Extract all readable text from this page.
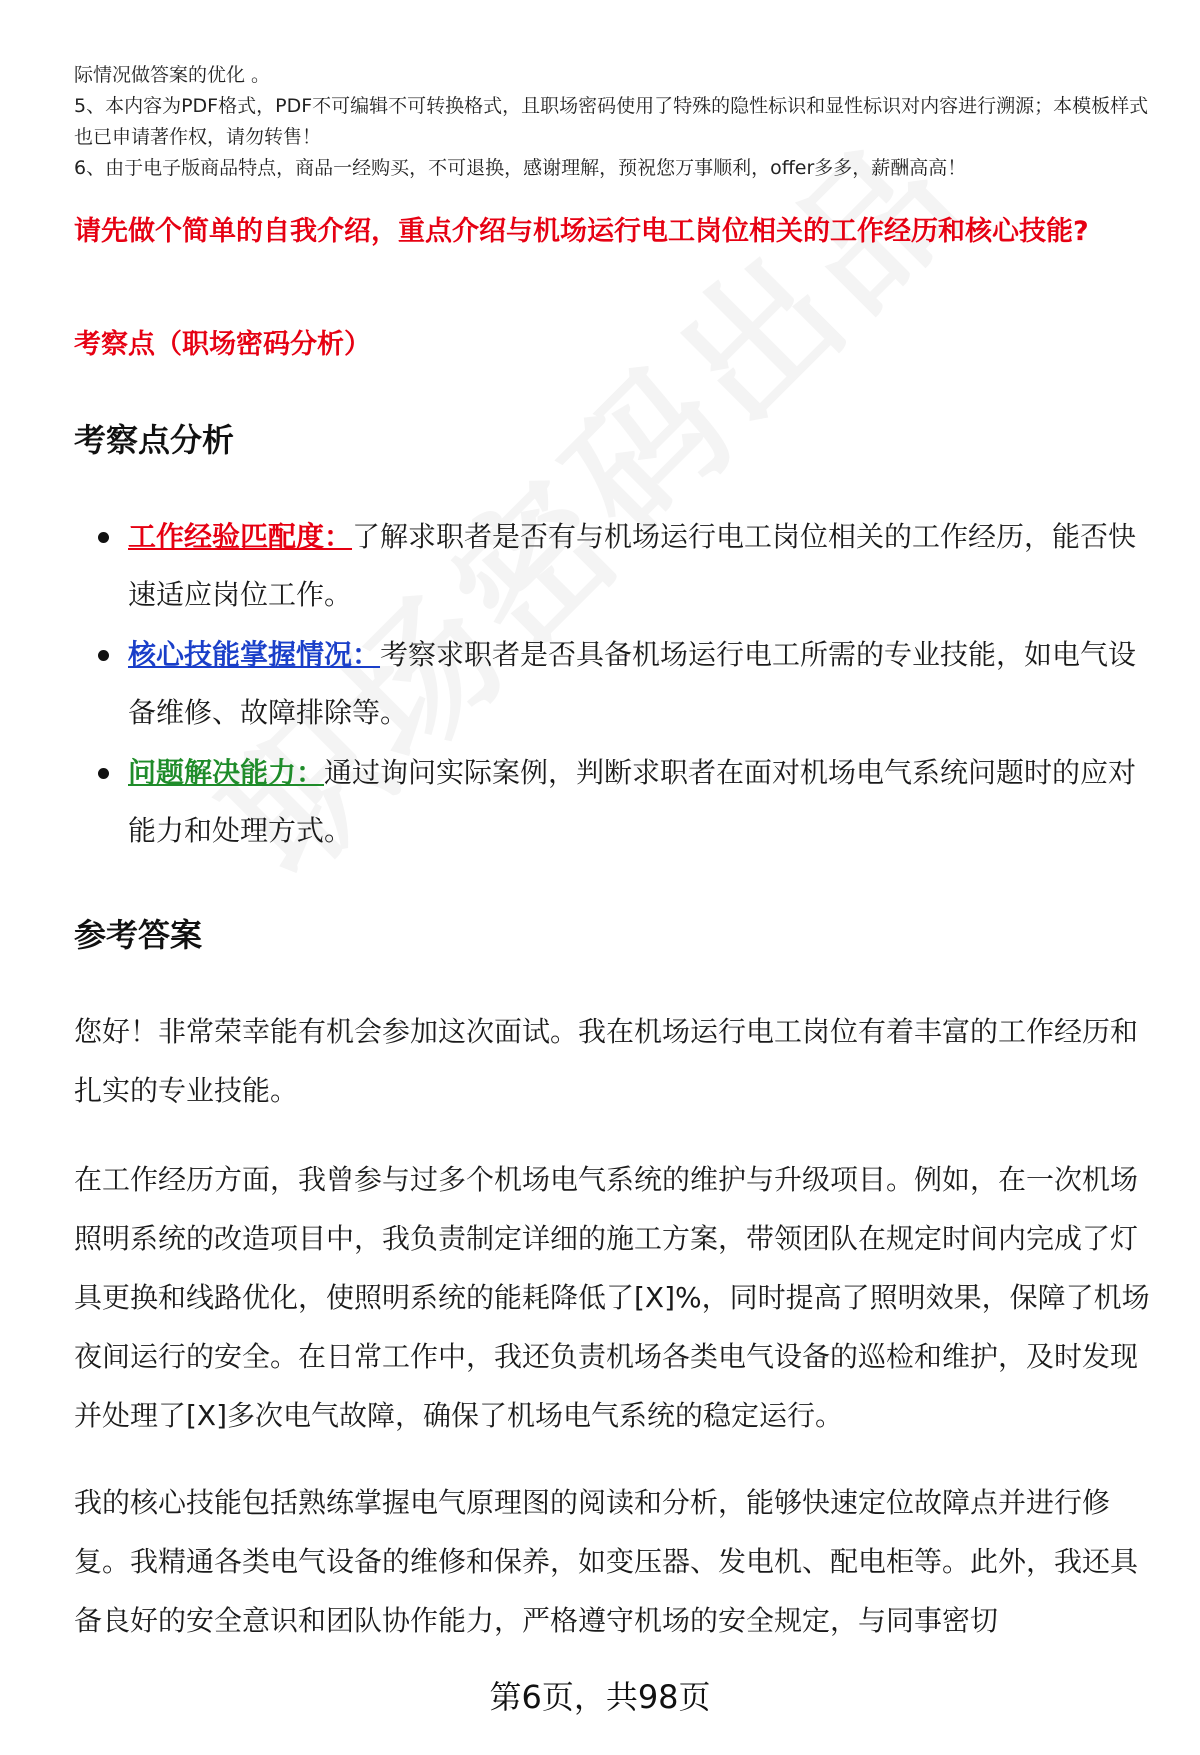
际情况做答案的优化 。

5、本内容为PDF格式，PDF不可编辑不可转换格式，且职场密码使用了特殊的隐性标识和显性标识对内容进行溯源；本模板样式也已申请著作权，请勿转售！

6、由于电子版商品特点，商品一经购买，不可退换，感谢理解，预祝您万事顺利，offer多多，薪酬高高！

请先做个简单的自我介绍，重点介绍与机场运行电工岗位相关的工作经历和核心技能?
考察点（职场密码分析）
考察点分析
工作经验匹配度：了解求职者是否有与机场运行电工岗位相关的工作经历，能否快速适应岗位工作。
核心技能掌握情况：考察求职者是否具备机场运行电工所需的专业技能，如电气设备维修、故障排除等。
问题解决能力：通过询问实际案例，判断求职者在面对机场电气系统问题时的应对能力和处理方式。
参考答案

您好！非常荣幸能有机会参加这次面试。我在机场运行电工岗位有着丰富的工作经历和扎实的专业技能。

在工作经历方面，我曾参与过多个机场电气系统的维护与升级项目。例如，在一次机场照明系统的改造项目中，我负责制定详细的施工方案，带领团队在规定时间内完成了灯具更换和线路优化，使照明系统的能耗降低了[X]%，同时提高了照明效果，保障了机场夜间运行的安全。在日常工作中，我还负责机场各类电气设备的巡检和维护，及时发现并处理了[X]多次电气故障，确保了机场电气系统的稳定运行。

我的核心技能包括熟练掌握电气原理图的阅读和分析，能够快速定位故障点并进行修复。我精通各类电气设备的维修和保养，如变压器、发电机、配电柜等。此外，我还具备良好的安全意识和团队协作能力，严格遵守机场的安全规定，与同事密切

第6页，共98页
